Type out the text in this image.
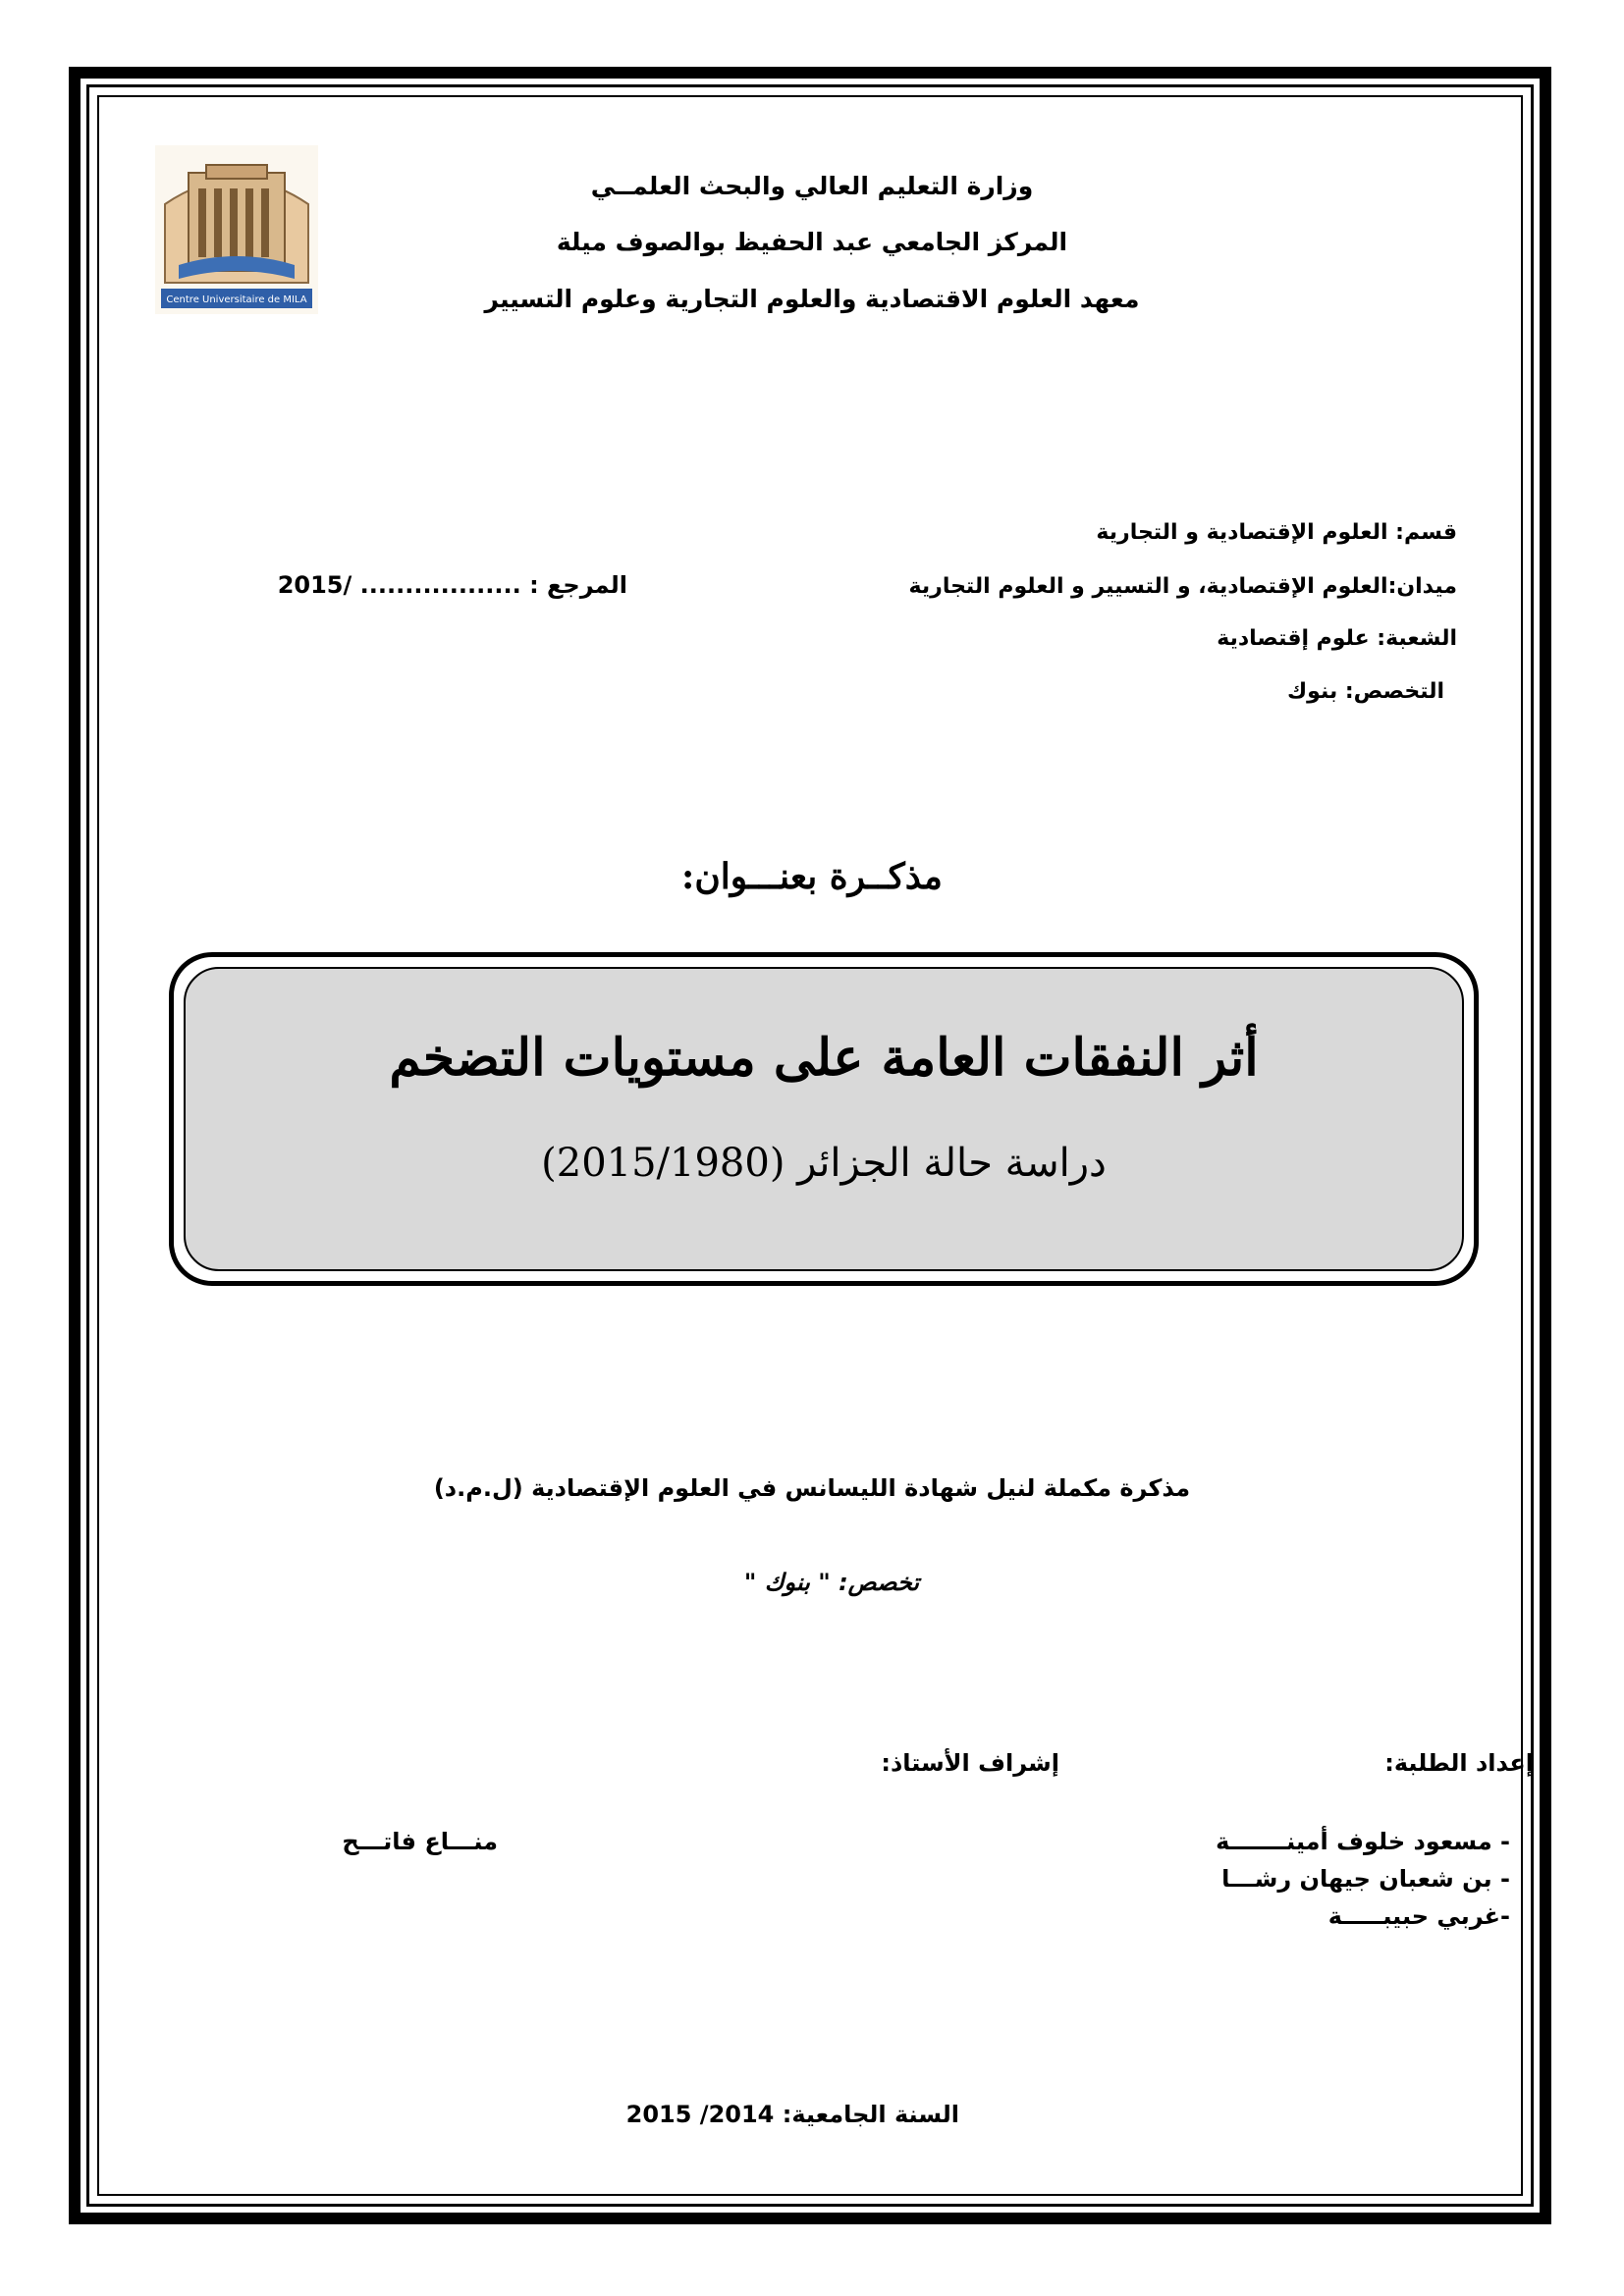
Centre Universitaire de MILA
وزارة التعليم العالي والبحث العلمــي
المركز الجامعي عبد الحفيظ بوالصوف ميلة
معهد العلوم الاقتصادية والعلوم التجارية وعلوم التسيير
قسم: العلوم الإقتصادية و التجارية
ميدان:العلوم الإقتصادية، و التسيير و العلوم التجارية
الشعبة: علوم إقتصادية
التخصص: بنوك
المرجع : .................. /2015
مذكــرة بعنـــوان:
أثر النفقات العامة على مستويات التضخم
دراسة حالة الجزائر (2015/1980)
مذكرة مكملة لنيل شهادة الليسانس في العلوم الإقتصادية (ل.م.د)
تخصص: " بنوك "
إعداد الطلبة:
إشراف الأستاذ:
- مسعود خلوف أمينـــــــة
- بن شعبان جيهان رشـــا
-غربي حبيبـــــة
منـــاع فاتـــح
السنة الجامعية: 2014/ 2015
